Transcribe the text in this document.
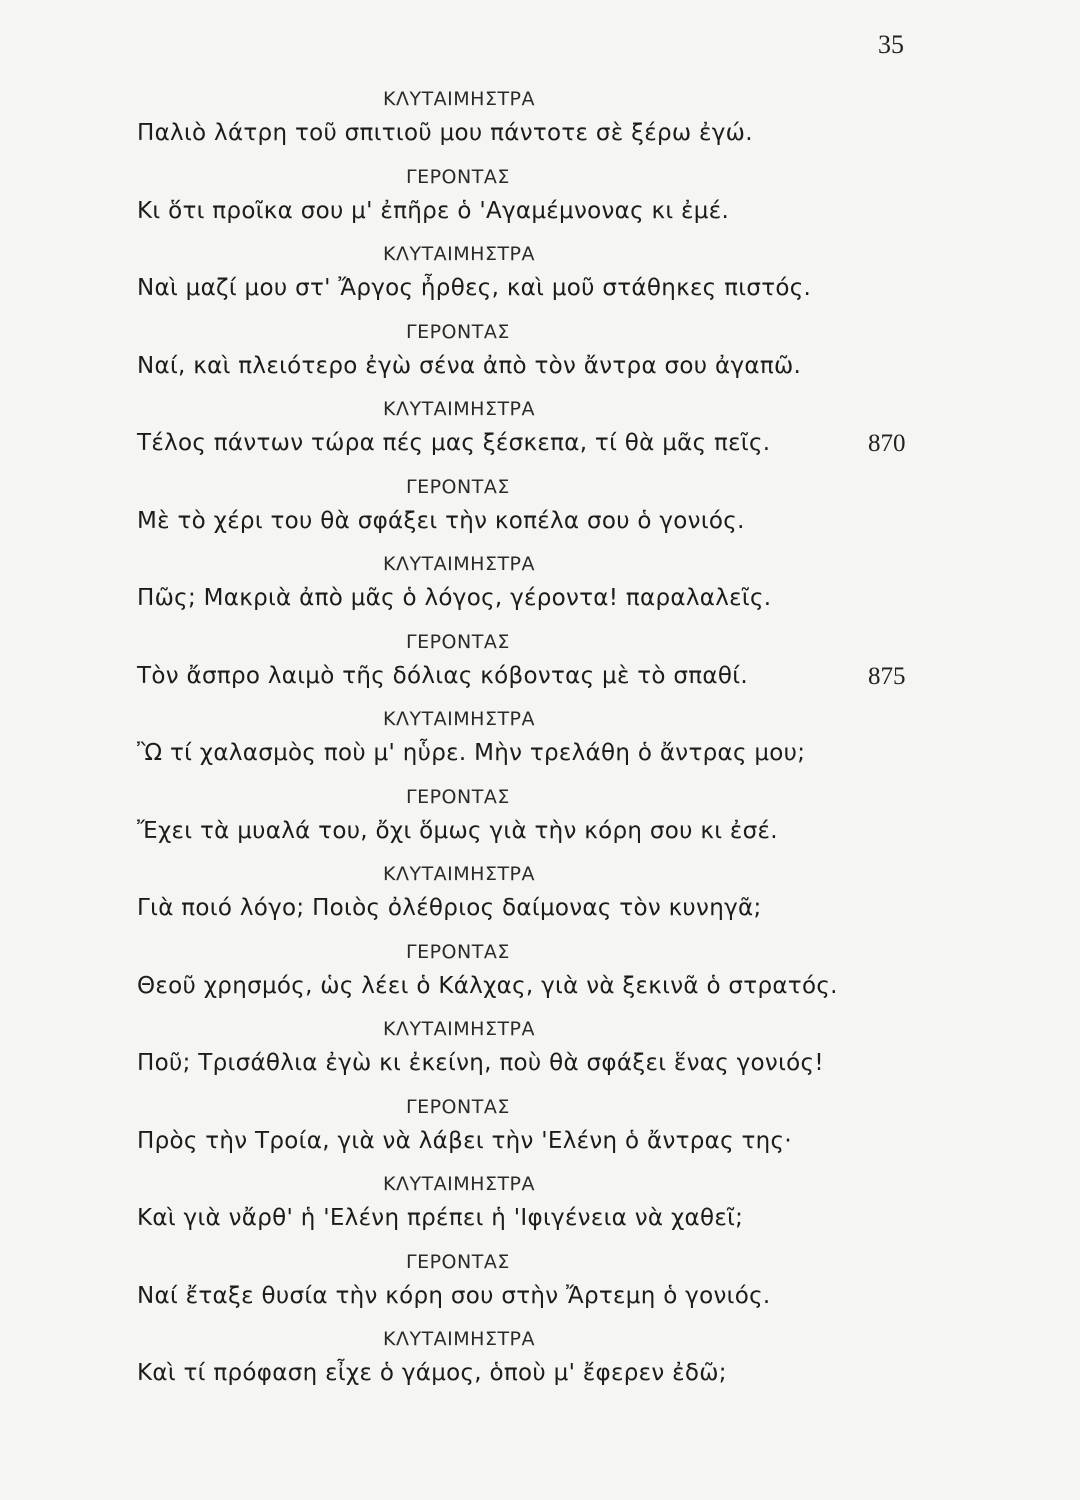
35
ΚΛΥΤΑΙΜΗΣΤΡΑ
Παλιὸ λάτρη τοῦ σπιτιοῦ μου πάντοτε σὲ ξέρω ἐγώ.
ΓΕΡΟΝΤΑΣ
Κι ὅτι προῖκα σου μ' ἐπῆρε ὁ 'Αγαμέμνονας κι ἐμέ.
ΚΛΥΤΑΙΜΗΣΤΡΑ
Ναὶ μαζί μου στ' Ἄργος ἦρθες, καὶ μοῦ στάθηκες πιστός.
ΓΕΡΟΝΤΑΣ
Ναί, καὶ πλειότερο ἐγὼ σένα ἀπὸ τὸν ἄντρα σου ἀγαπῶ.
ΚΛΥΤΑΙΜΗΣΤΡΑ
Τέλος πάντων τώρα πές μας ξέσκεπα, τί θὰ μᾶς πεῖς.	870
ΓΕΡΟΝΤΑΣ
Μὲ τὸ χέρι του θὰ σφάξει τὴν κοπέλα σου ὁ γονιός.
ΚΛΥΤΑΙΜΗΣΤΡΑ
Πῶς; Μακριὰ ἀπὸ μᾶς ὁ λόγος, γέροντα! παραλαλεῖς.
ΓΕΡΟΝΤΑΣ
Τὸν ἄσπρο λαιμὸ τῆς δόλιας κόβοντας μὲ τὸ σπαθί.	875
ΚΛΥΤΑΙΜΗΣΤΡΑ
Ὢ τί χαλασμὸς ποὺ μ' ηὗρε. Μὴν τρελάθη ὁ ἄντρας μου;
ΓΕΡΟΝΤΑΣ
Ἔχει τὰ μυαλά του, ὄχι ὅμως γιὰ τὴν κόρη σου κι ἐσέ.
ΚΛΥΤΑΙΜΗΣΤΡΑ
Γιὰ ποιό λόγο; Ποιὸς ὀλέθριος δαίμονας τὸν κυνηγᾶ;
ΓΕΡΟΝΤΑΣ
Θεοῦ χρησμός, ὡς λέει ὁ Κάλχας, γιὰ νὰ ξεκινᾶ ὁ στρατός.
ΚΛΥΤΑΙΜΗΣΤΡΑ
Ποῦ; Τρισάθλια ἐγὼ κι ἐκείνη, ποὺ θὰ σφάξει ἕνας γονιός!
ΓΕΡΟΝΤΑΣ
Πρὸς τὴν Τροία, γιὰ νὰ λάβει τὴν 'Ελένη ὁ ἄντρας της·
ΚΛΥΤΑΙΜΗΣΤΡΑ
Καὶ γιὰ νἄρθ' ἡ 'Ελένη πρέπει ἡ 'Ιφιγένεια νὰ χαθεῖ;
ΓΕΡΟΝΤΑΣ
Ναί ἔταξε θυσία τὴν κόρη σου στὴν Ἄρτεμη ὁ γονιός.
ΚΛΥΤΑΙΜΗΣΤΡΑ
Καὶ τί πρόφαση εἶχε ὁ γάμος, ὁποὺ μ' ἔφερεν ἐδῶ;
